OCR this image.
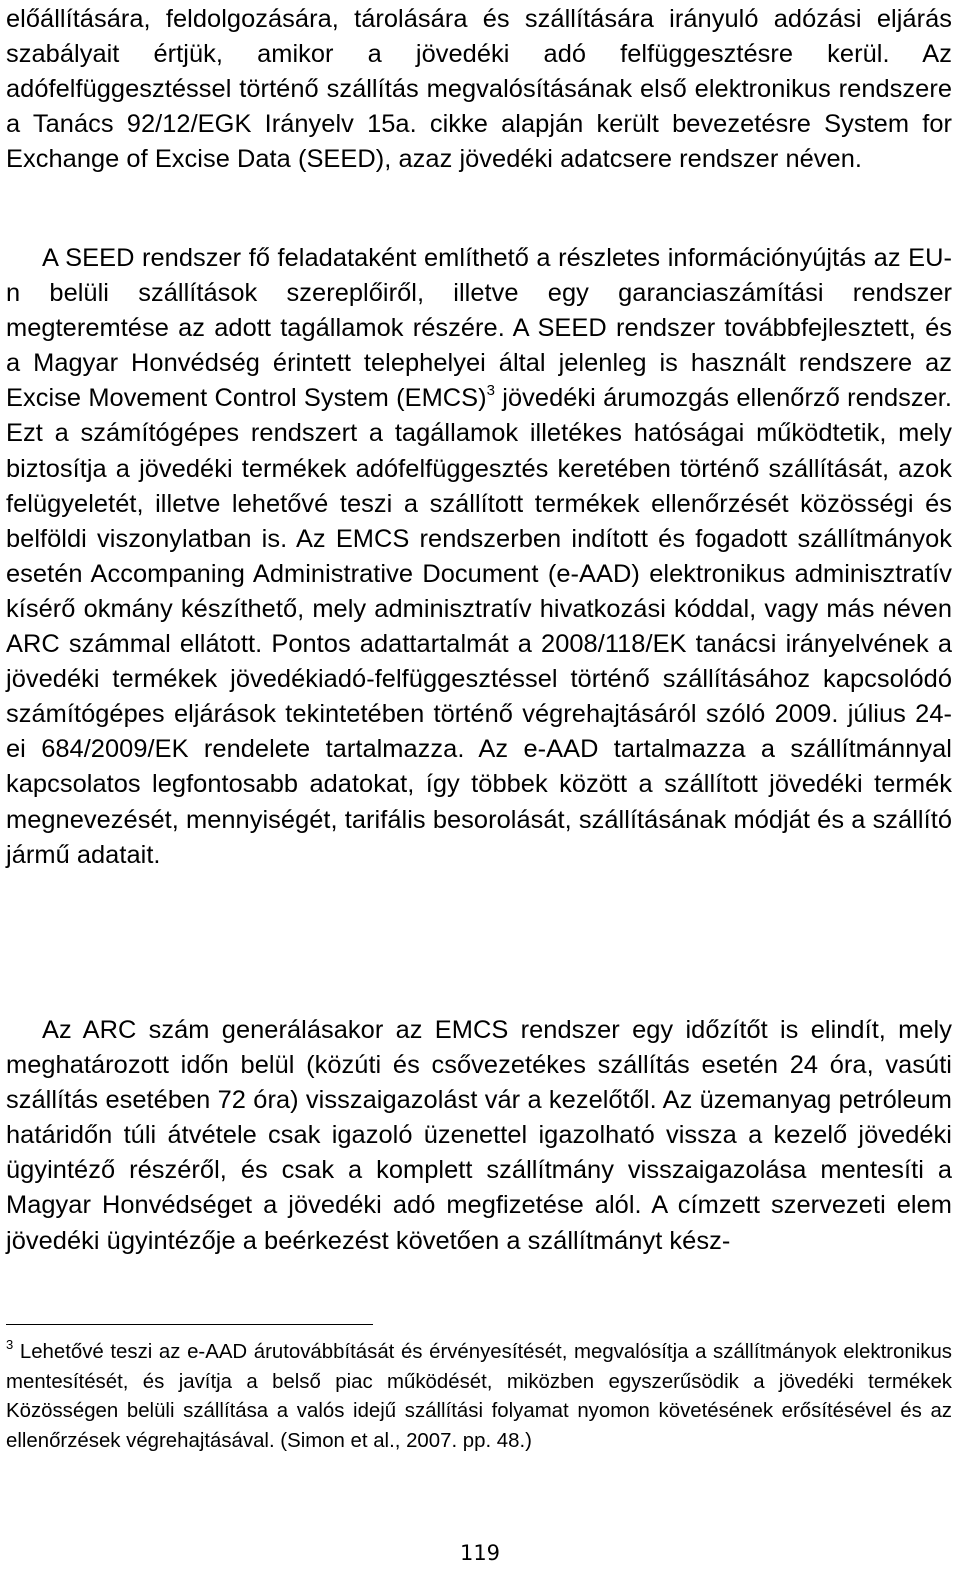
előállítására, feldolgozására, tárolására és szállítására irányuló adózási eljárás szabályait értjük, amikor a jövedéki adó felfüggesztésre kerül. Az adófelfüggesztéssel történő szállítás megvalósításának első elektronikus rendszere a Tanács 92/12/EGK Irányelv 15a. cikke alapján került bevezetésre System for Exchange of Excise Data (SEED), azaz jövedéki adatcsere rendszer néven.

A SEED rendszer fő feladataként említhető a részletes információnyújtás az EU-n belüli szállítások szereplőiről, illetve egy garanciaszámítási rendszer megteremtése az adott tagállamok részére. A SEED rendszer továbbfejlesztett, és a Magyar Honvédség érintett telephelyei által jelenleg is használt rendszere az Excise Movement Control System (EMCS)$^3$ jövedéki árumozgás ellenőrző rendszer. Ezt a számítógépes rendszert a tagállamok illetékes hatóságai működtetik, mely biztosítja a jövedéki termékek adófelfüggesztés keretében történő szállítását, azok felügyeletét, illetve lehetővé teszi a szállított termékek ellenőrzését közösségi és belföldi viszonylatban is. Az EMCS rendszerben indított és fogadott szállítmányok esetén Accompaning Administrative Document (e-AAD) elektronikus adminisztratív kísérő okmány készíthető, mely adminisztratív hivatkozási kóddal, vagy más néven ARC számmal ellátott. Pontos adattartalmát a 2008/118/EK tanácsi irányelvének a jövedéki termékek jövedékiadó-felfüggesztéssel történő szállításához kapcsolódó számítógépes eljárások tekintetében történő végrehajtásáról szóló 2009. július 24-ei 684/2009/EK rendelete tartalmazza. Az e-AAD tartalmazza a szállítmánnyal kapcsolatos legfontosabb adatokat, így többek között a szállított jövedéki termék megnevezését, mennyiségét, tarifális besorolását, szállításának módját és a szállító jármű adatait.

Az ARC szám generálásakor az EMCS rendszer egy időzítőt is elindít, mely meghatározott időn belül (közúti és csővezetékes szállítás esetén 24 óra, vasúti szállítás esetében 72 óra) visszaigazolást vár a kezelőtől. Az üzemanyag petróleum határidőn túli átvétele csak igazoló üzenettel igazolható vissza a kezelő jövedéki ügyintéző részéről, és csak a komplett szállítmány visszaigazolása mentesíti a Magyar Honvédséget a jövedéki adó megfizetése alól. A címzett szervezeti elem jövedéki ügyintézője a beérkezést követően a szállítmányt kész-

$^3$ Lehetővé teszi az e-AAD árutovábbítását és érvényesítését, megvalósítja a szállítmányok elektronikus mentesítését, és javítja a belső piac működését, miközben egyszerűsödik a jövedéki termékek Közösségen belüli szállítása a valós idejű szállítási folyamat nyomon követésének erősítésével és az ellenőrzések végrehajtásával. (Simon et al., 2007. pp. 48.)

119
